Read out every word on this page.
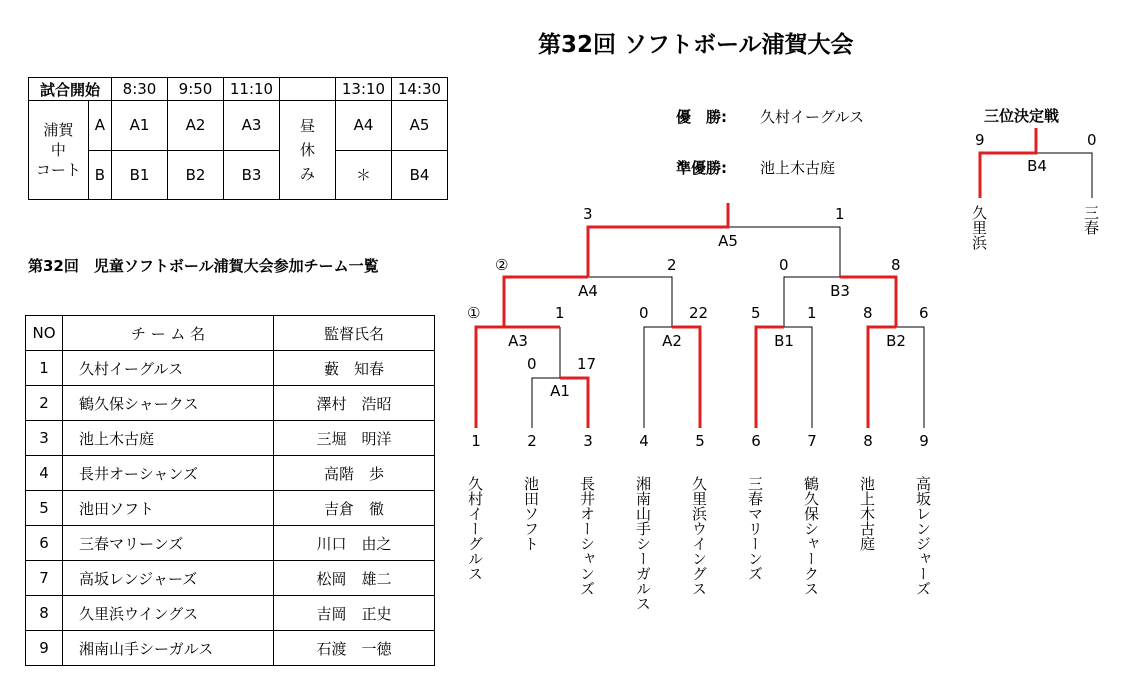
第32回 ソフトボール浦賀大会
試合開始		8:30	9:50	11:10		13:10	14:30
浦賀
中
コート	A	A1	A2	A3	昼
休
み	A4	A5
	B	B1	B2	B3		＊	B4
第32回　児童ソフトボール浦賀大会参加チーム一覧
NO	チ ー ム 名	監督氏名
1	久村イーグルス	藪　知春
2	鶴久保シャークス	澤村　浩昭
3	池上木古庭	三堀　明洋
4	長井オーシャンズ	高階　歩
5	池田ソフト	吉倉　徹
6	三春マリーンズ	川口　由之
7	高坂レンジャーズ	松岡　雄二
8	久里浜ウイングス	吉岡　正史
9	湘南山手シーガルス	石渡　一徳
優　勝: 久村イーグルス
準優勝: 池上木古庭
A1
A3	A2	B1	B2
A4	B3
A5
0	17
①	1	0	22	5	1	8	6
②	2	0	8
3	1
1	2	3	4	5	6	7	8	9
久村イーグルス	池田ソフト	長井オーシャンズ	湘南山手シーガルス	久里浜ウイングス	三春マリーンズ	鶴久保シャークス	池上木古庭	高坂レンジャーズ
三位決定戦
9	0
B4
久里浜	三春
